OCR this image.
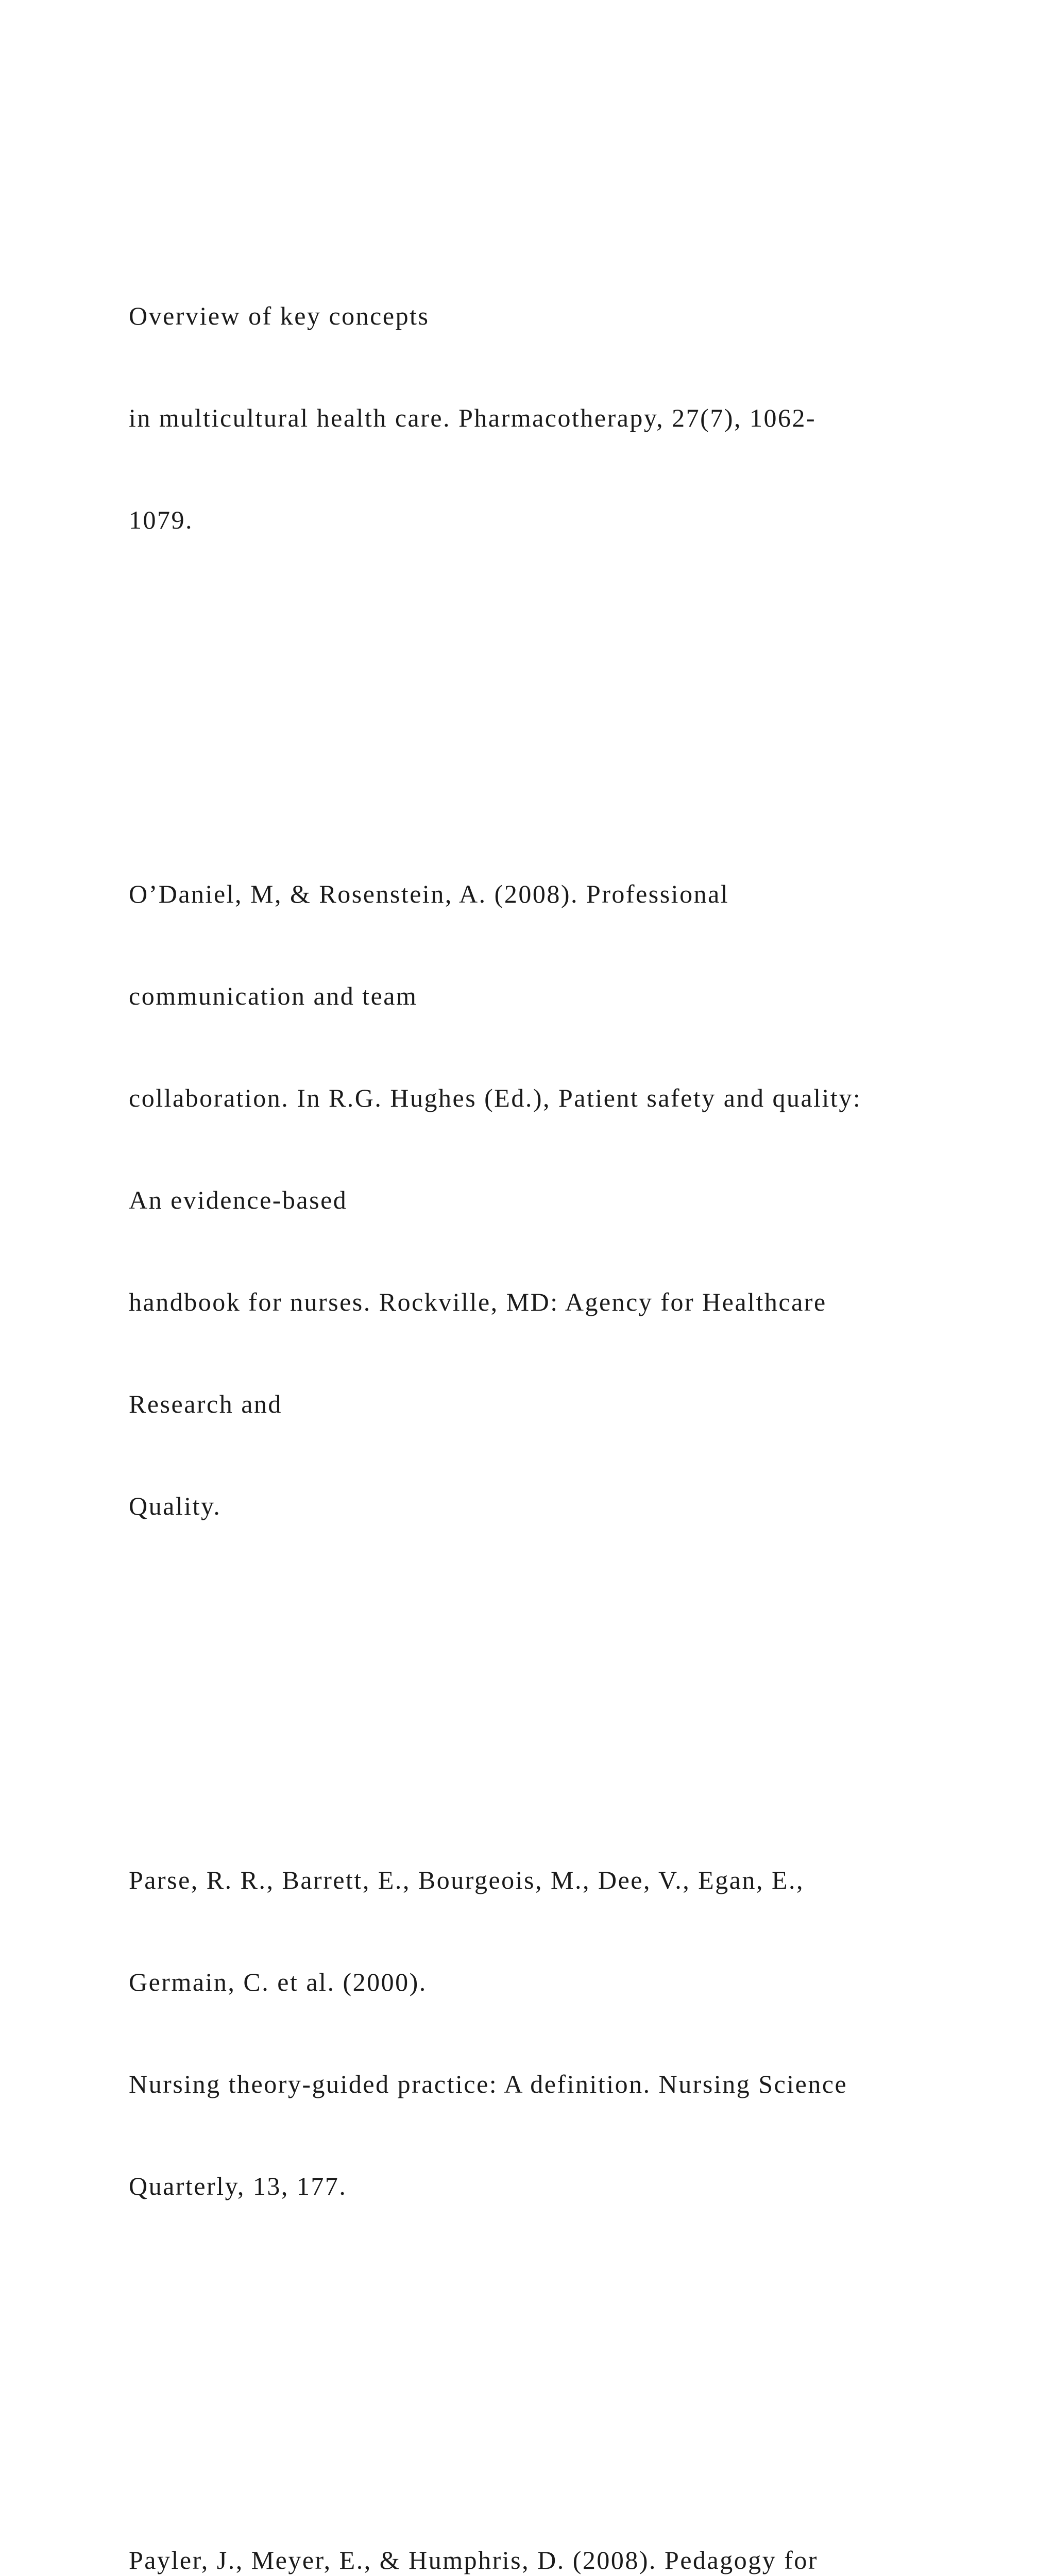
Overview of key concepts

in multicultural health care. Pharmacotherapy, 27(7), 1062-

1079.

O’Daniel, M, & Rosenstein, A. (2008). Professional

communication and team

collaboration. In R.G. Hughes (Ed.), Patient safety and quality:

An evidence-based

handbook for nurses. Rockville, MD: Agency for Healthcare

Research and

Quality.

Parse, R. R., Barrett, E., Bourgeois, M., Dee, V., Egan, E.,

Germain, C. et al. (2000).

Nursing theory-guided practice: A definition. Nursing Science

Quarterly, 13, 177.

Payler, J., Meyer, E., & Humphris, D. (2008). Pedagogy for
